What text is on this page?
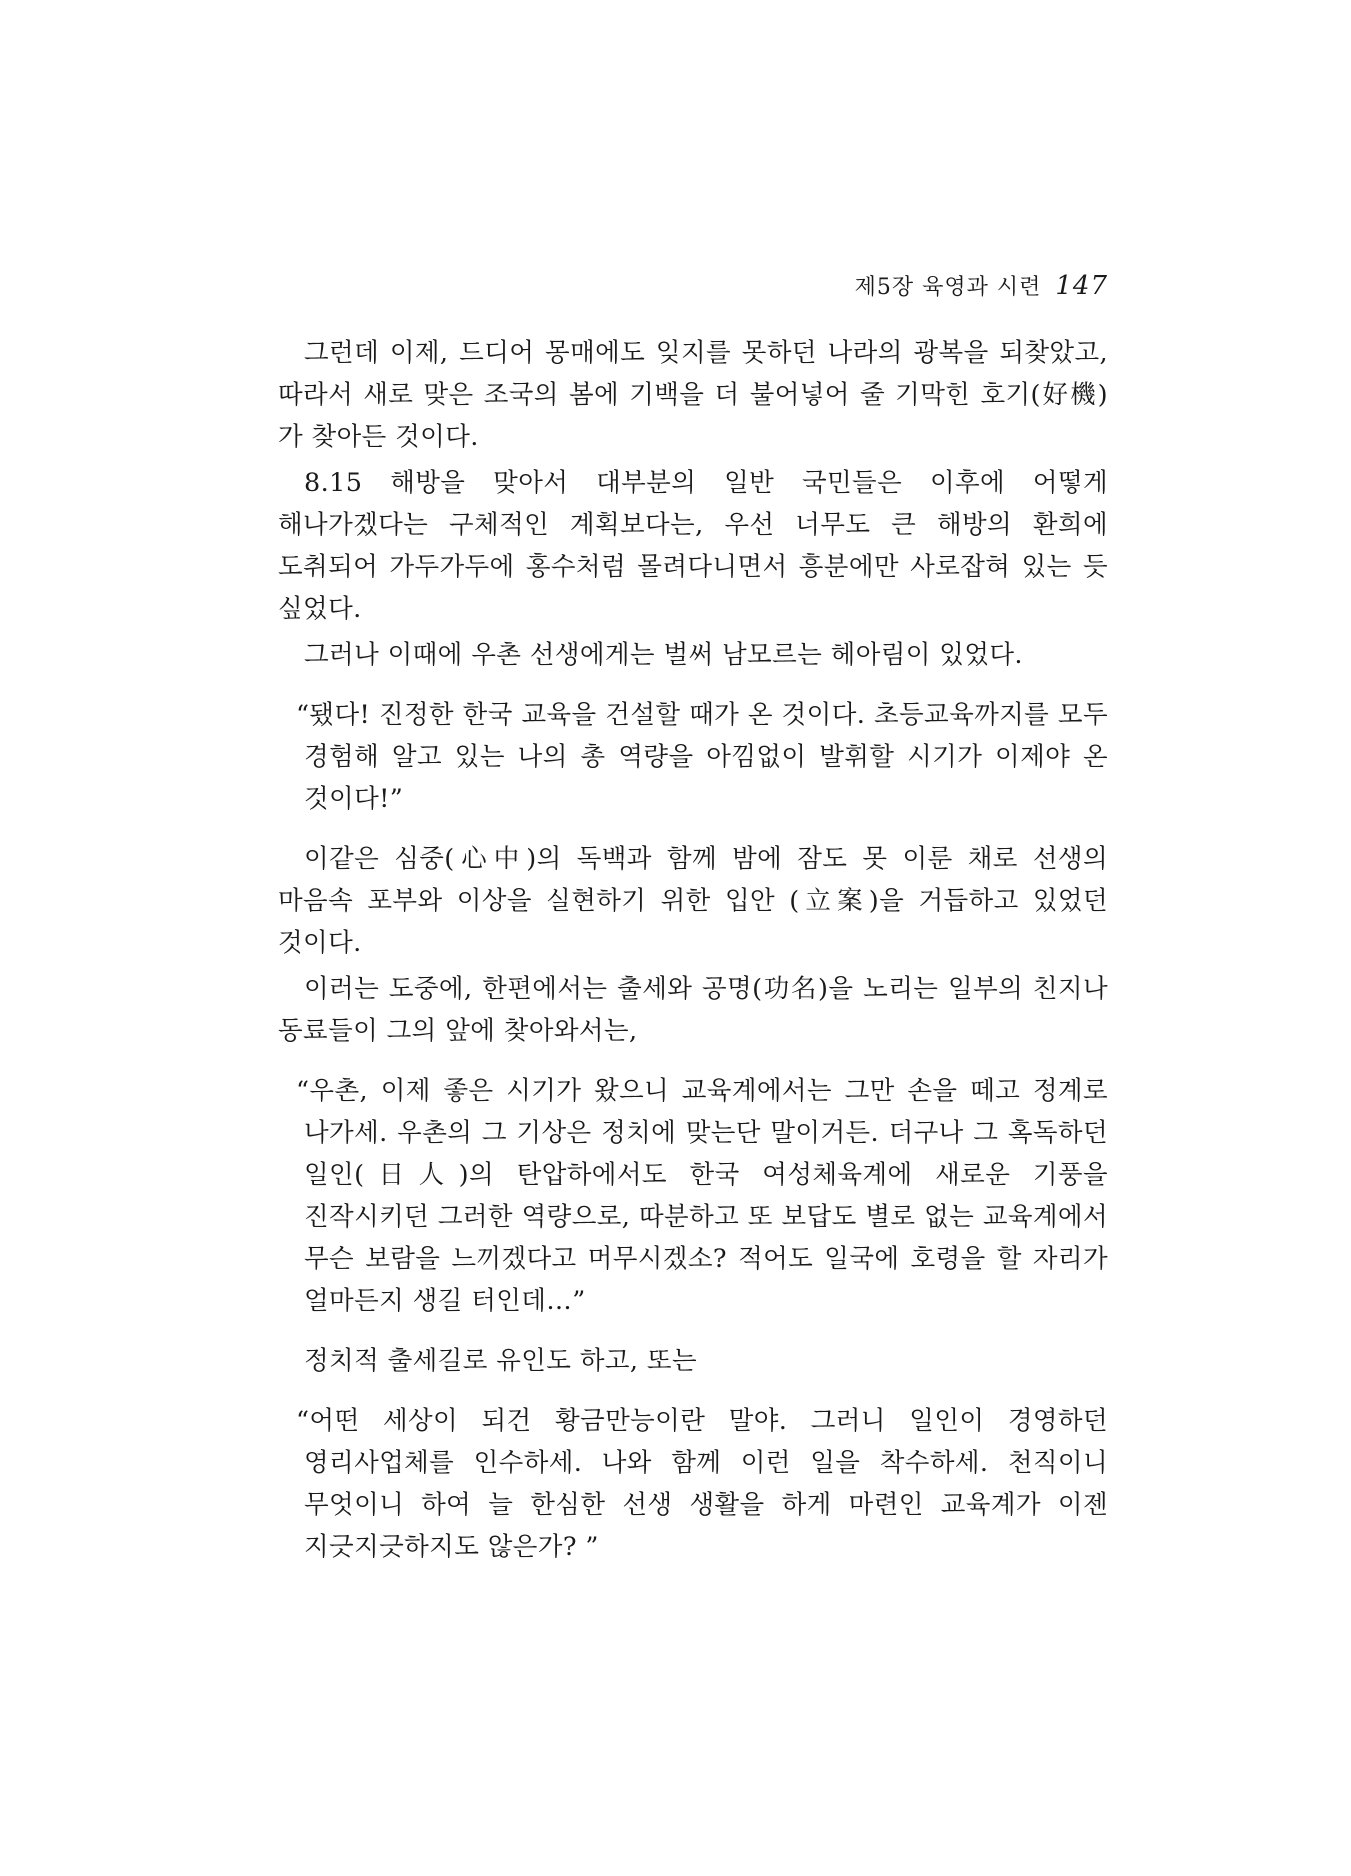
제5장 육영과 시련 147

그런데 이제, 드디어 몽매에도 잊지를 못하던 나라의 광복을 되찾았고, 따라서 새로 맞은 조국의 봄에 기백을 더 불어넣어 줄 기막힌 호기(好機)가 찾아든 것이다.

8.15 해방을 맞아서 대부분의 일반 국민들은 이후에 어떻게 해나가겠다는 구체적인 계획보다는, 우선 너무도 큰 해방의 환희에 도취되어 가두가두에 홍수처럼 몰려다니면서 흥분에만 사로잡혀 있는 듯 싶었다.

그러나 이때에 우촌 선생에게는 벌써 남모르는 헤아림이 있었다.

“됐다! 진정한 한국 교육을 건설할 때가 온 것이다. 초등교육까지를 모두 경험해 알고 있는 나의 총 역량을 아낌없이 발휘할 시기가 이제야 온 것이다!”

이같은 심중(心中)의 독백과 함께 밤에 잠도 못 이룬 채로 선생의 마음속 포부와 이상을 실현하기 위한 입안 (立案)을 거듭하고 있었던 것이다.

이러는 도중에, 한편에서는 출세와 공명(功名)을 노리는 일부의 친지나 동료들이 그의 앞에 찾아와서는,

“우촌, 이제 좋은 시기가 왔으니 교육계에서는 그만 손을 떼고 정계로 나가세. 우촌의 그 기상은 정치에 맞는단 말이거든. 더구나 그 혹독하던 일인(日人)의 탄압하에서도 한국 여성체육계에 새로운 기풍을 진작시키던 그러한 역량으로, 따분하고 또 보답도 별로 없는 교육계에서 무슨 보람을 느끼겠다고 머무시겠소? 적어도 일국에 호령을 할 자리가 얼마든지 생길 터인데…”

정치적 출세길로 유인도 하고, 또는

“어떤 세상이 되건 황금만능이란 말야. 그러니 일인이 경영하던 영리사업체를 인수하세. 나와 함께 이런 일을 착수하세. 천직이니 무엇이니 하여 늘 한심한 선생 생활을 하게 마련인 교육계가 이젠 지긋지긋하지도 않은가? ”
